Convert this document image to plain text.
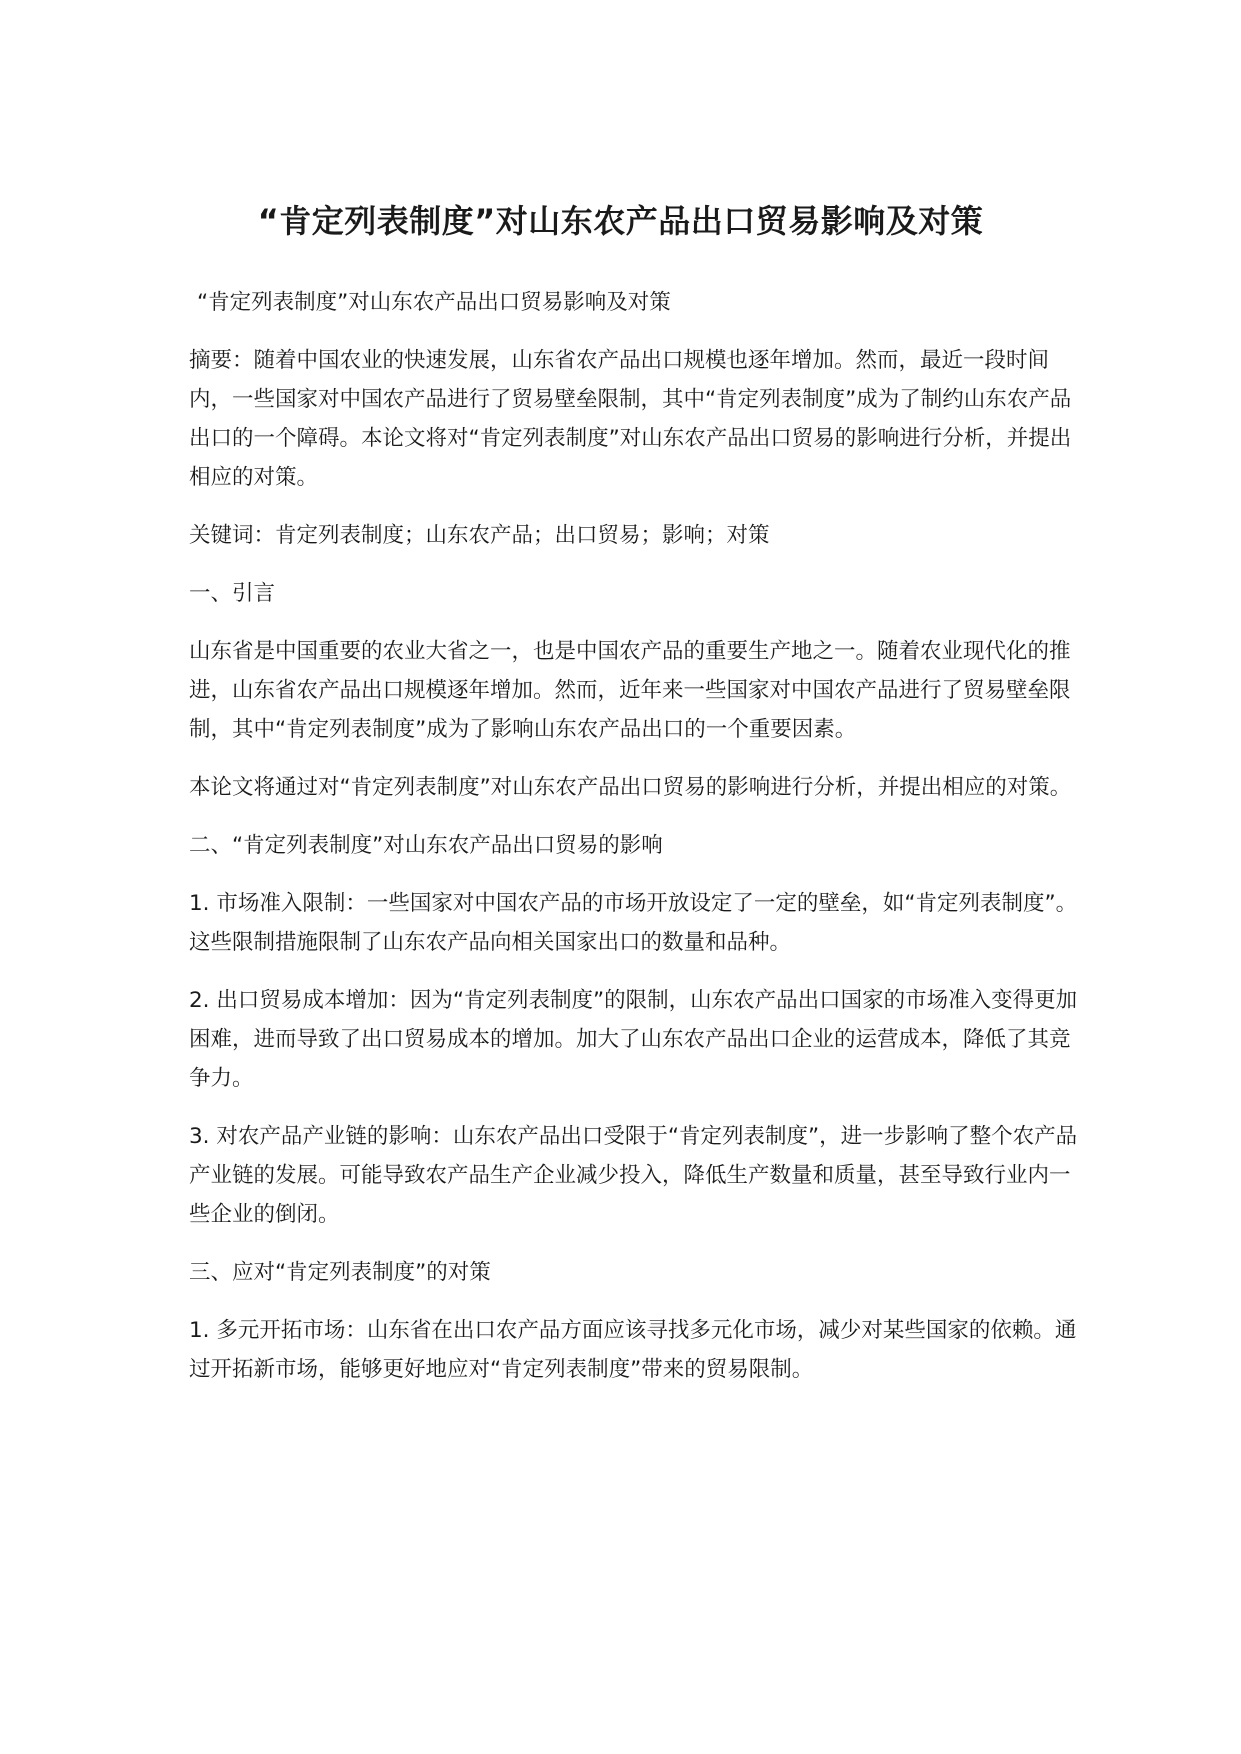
“肯定列表制度”对山东农产品出口贸易影响及对策

“肯定列表制度”对山东农产品出口贸易影响及对策

摘要：随着中国农业的快速发展，山东省农产品出口规模也逐年增加。然而，最近一段时间内，一些国家对中国农产品进行了贸易壁垒限制，其中“肯定列表制度”成为了制约山东农产品出口的一个障碍。本论文将对“肯定列表制度”对山东农产品出口贸易的影响进行分析，并提出相应的对策。

关键词：肯定列表制度；山东农产品；出口贸易；影响；对策

一、引言

山东省是中国重要的农业大省之一，也是中国农产品的重要生产地之一。随着农业现代化的推进，山东省农产品出口规模逐年增加。然而，近年来一些国家对中国农产品进行了贸易壁垒限制，其中“肯定列表制度”成为了影响山东农产品出口的一个重要因素。

本论文将通过对“肯定列表制度”对山东农产品出口贸易的影响进行分析，并提出相应的对策。

二、“肯定列表制度”对山东农产品出口贸易的影响

1. 市场准入限制：一些国家对中国农产品的市场开放设定了一定的壁垒，如“肯定列表制度”。这些限制措施限制了山东农产品向相关国家出口的数量和品种。

2. 出口贸易成本增加：因为“肯定列表制度”的限制，山东农产品出口国家的市场准入变得更加困难，进而导致了出口贸易成本的增加。加大了山东农产品出口企业的运营成本，降低了其竞争力。

3. 对农产品产业链的影响：山东农产品出口受限于“肯定列表制度”，进一步影响了整个农产品产业链的发展。可能导致农产品生产企业减少投入，降低生产数量和质量，甚至导致行业内一些企业的倒闭。

三、应对“肯定列表制度”的对策

1. 多元开拓市场：山东省在出口农产品方面应该寻找多元化市场，减少对某些国家的依赖。通过开拓新市场，能够更好地应对“肯定列表制度”带来的贸易限制。
